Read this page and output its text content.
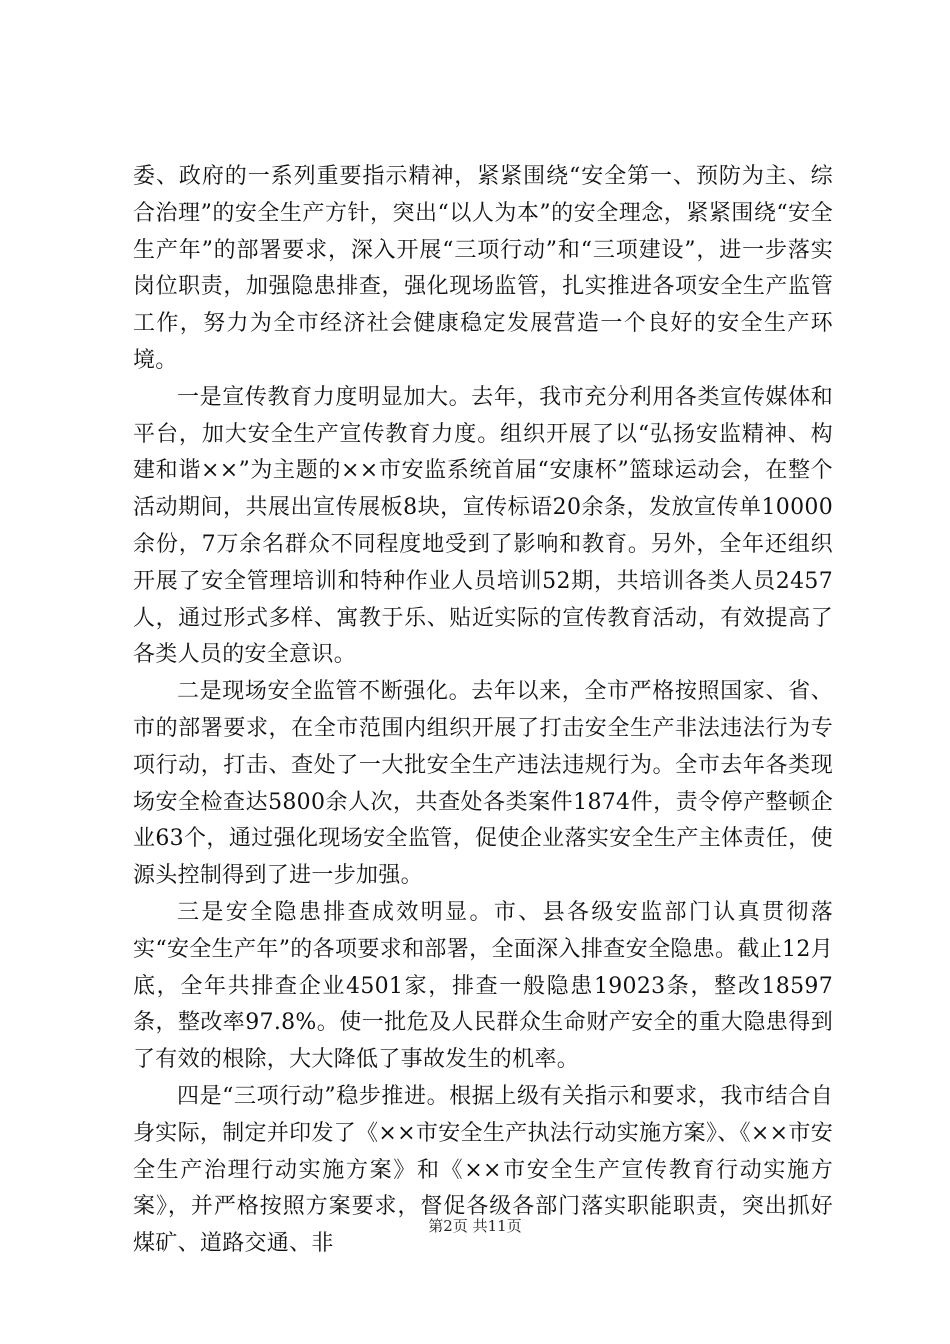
委、政府的一系列重要指示精神，紧紧围绕“安全第一、预防为主、综合治理”的安全生产方针，突出“以人为本”的安全理念，紧紧围绕“安全生产年”的部署要求，深入开展“三项行动”和“三项建设”，进一步落实岗位职责，加强隐患排查，强化现场监管，扎实推进各项安全生产监管工作，努力为全市经济社会健康稳定发展营造一个良好的安全生产环境。

一是宣传教育力度明显加大。去年，我市充分利用各类宣传媒体和平台，加大安全生产宣传教育力度。组织开展了以“弘扬安监精神、构建和谐××”为主题的××市安监系统首届“安康杯”篮球运动会，在整个活动期间，共展出宣传展板8块，宣传标语20余条，发放宣传单10000余份，7万余名群众不同程度地受到了影响和教育。另外，全年还组织开展了安全管理培训和特种作业人员培训52期，共培训各类人员2457人，通过形式多样、寓教于乐、贴近实际的宣传教育活动，有效提高了各类人员的安全意识。

二是现场安全监管不断强化。去年以来，全市严格按照国家、省、市的部署要求，在全市范围内组织开展了打击安全生产非法违法行为专项行动，打击、查处了一大批安全生产违法违规行为。全市去年各类现场安全检查达5800余人次，共查处各类案件1874件，责令停产整顿企业63个，通过强化现场安全监管，促使企业落实安全生产主体责任，使源头控制得到了进一步加强。

三是安全隐患排查成效明显。市、县各级安监部门认真贯彻落实“安全生产年”的各项要求和部署，全面深入排查安全隐患。截止12月底，全年共排查企业4501家，排查一般隐患19023条，整改18597条，整改率97.8%。使一批危及人民群众生命财产安全的重大隐患得到了有效的根除，大大降低了事故发生的机率。

四是“三项行动”稳步推进。根据上级有关指示和要求，我市结合自身实际，制定并印发了《××市安全生产执法行动实施方案》、《××市安全生产治理行动实施方案》和《××市安全生产宣传教育行动实施方案》，并严格按照方案要求，督促各级各部门落实职能职责，突出抓好煤矿、道路交通、非

第2页 共11页
